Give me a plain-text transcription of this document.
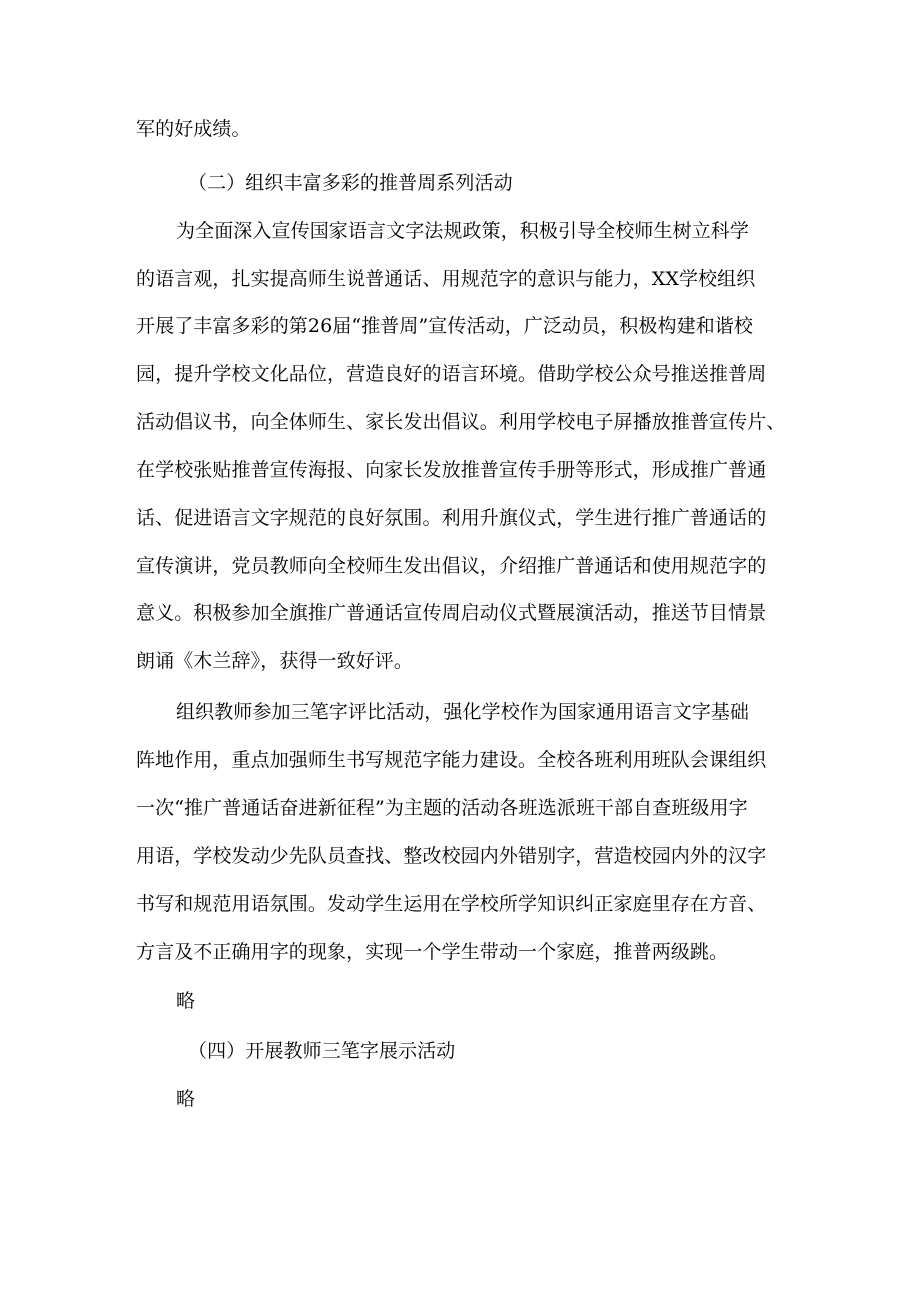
军的好成绩。
（二）组织丰富多彩的推普周系列活动
为全面深入宣传国家语言文字法规政策，积极引导全校师生树立科学
的语言观，扎实提高师生说普通话、用规范字的意识与能力，XX学校组织
开展了丰富多彩的第26届“推普周”宣传活动，广泛动员，积极构建和谐校
园，提升学校文化品位，营造良好的语言环境。借助学校公众号推送推普周
活动倡议书，向全体师生、家长发出倡议。利用学校电子屏播放推普宣传片、
在学校张贴推普宣传海报、向家长发放推普宣传手册等形式，形成推广普通
话、促进语言文字规范的良好氛围。利用升旗仪式，学生进行推广普通话的
宣传演讲，党员教师向全校师生发出倡议，介绍推广普通话和使用规范字的
意义。积极参加全旗推广普通话宣传周启动仪式暨展演活动，推送节目情景
朗诵《木兰辞》，获得一致好评。
组织教师参加三笔字评比活动，强化学校作为国家通用语言文字基础
阵地作用，重点加强师生书写规范字能力建设。全校各班利用班队会课组织
一次“推广普通话奋进新征程”为主题的活动各班选派班干部自查班级用字
用语，学校发动少先队员查找、整改校园内外错别字，营造校园内外的汉字
书写和规范用语氛围。发动学生运用在学校所学知识纠正家庭里存在方音、
方言及不正确用字的现象，实现一个学生带动一个家庭，推普两级跳。
略
（四）开展教师三笔字展示活动
略
